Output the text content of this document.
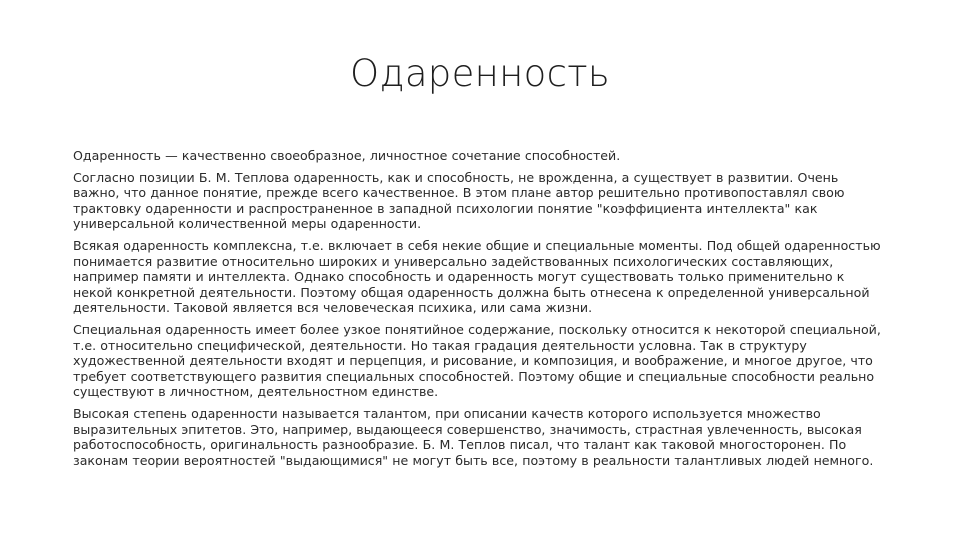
Одаренность

Одаренность — качественно своеобразное, личностное сочетание способностей.

Согласно позиции Б. М. Теплова одаренность, как и способность, не врожденна, а существует в развитии. Очень важно, что данное понятие, прежде всего качественное. В этом плане автор решительно противопоставлял свою трактовку одаренности и распространенное в западной психологии понятие "коэффициента интеллекта" как универсальной количественной меры одаренности.

Всякая одаренность комплексна, т.е. включает в себя некие общие и специальные моменты. Под общей одаренностью понимается развитие относительно широких и универсально задействованных психологических составляющих, например памяти и интеллекта. Однако способность и одаренность могут существовать только применительно к некой конкретной деятельности. Поэтому общая одаренность должна быть отнесена к определенной универсальной деятельности. Таковой является вся человеческая психика, или сама жизни.

Специальная одаренность имеет более узкое понятийное содержание, поскольку относится к некоторой специальной, т.е. относительно специфической, деятельности. Но такая градация деятельности условна. Так в структуру художественной деятельности входят и перцепция, и рисование, и композиция, и воображение, и многое другое, что требует соответствующего развития специальных способностей. Поэтому общие и специальные способности реально существуют в личностном, деятельностном единстве.

Высокая степень одаренности называется талантом, при описании качеств которого используется множество выразительных эпитетов. Это, например, выдающееся совершенство, значимость, страстная увлеченность, высокая работоспособность, оригинальность разнообразие. Б. М. Теплов писал, что талант как таковой многосторонен. По законам теории вероятностей "выдающимися" не могут быть все, поэтому в реальности талантливых людей немного.
